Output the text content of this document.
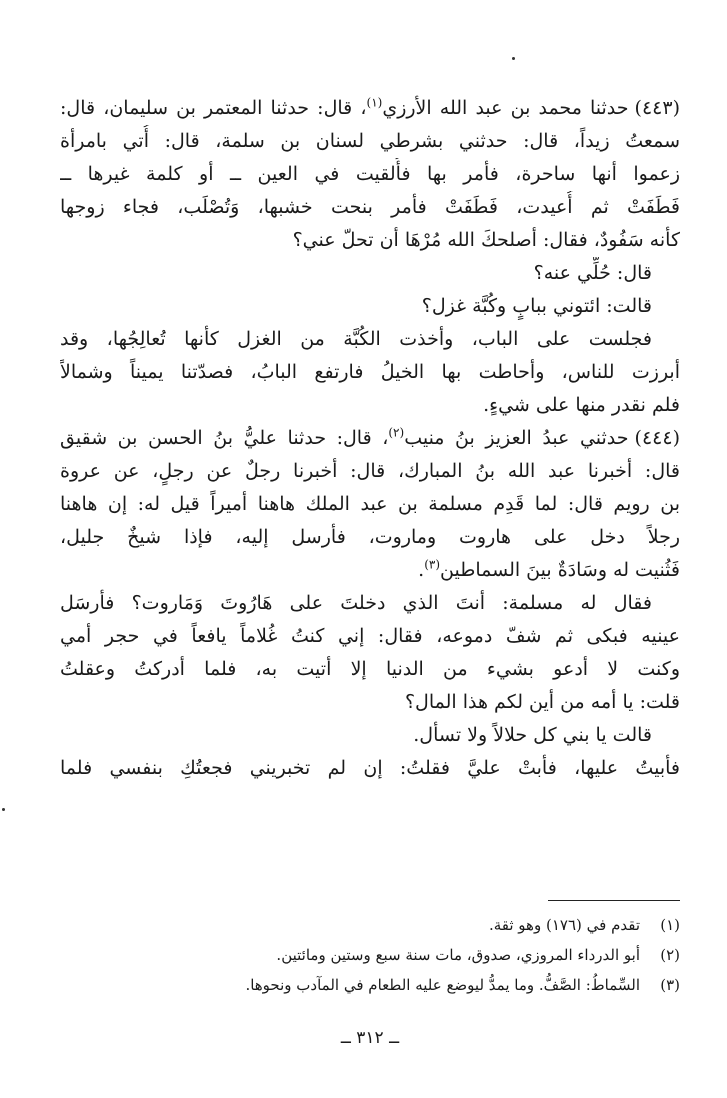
(٤٤٣)حدثنا محمد بن عبد الله الأرزي$^{(١)}$، قال: حدثنا المعتمر بن سليمان، قال:
سمعتُ زيداً، قال: حدثني بشرطي لسنان بن سلمة، قال: أُتي بامرأة
زعموا أنها ساحرة، فأمر بها فأُلقيت في العين ــ أو كلمة غيرها ــ
فَطَفَتْ ثم أُعيدت، فَطَفَتْ فأمر بنحت خشبها، وَتُصْلَب، فجاء زوجها
كأنه سَفُودٌ، فقال: أصلحكَ الله مُرْهَا أن تحلّ عني؟
قال: حُلِّي عنه؟
قالت: ائتوني ببابٍ وكُبَّة غزل؟
فجلست على الباب، وأخذت الكُبَّة من الغزل كأنها تُعالِجُها، وقد
أبرزت للناس، وأحاطت بها الخيلُ فارتفع البابُ، فصدّتنا يميناً وشمالاً
فلم نقدر منها على شيءٍ.
(٤٤٤)حدثني عبدُ العزيز بنُ منيب$^{(٢)}$، قال: حدثنا عليُّ بنُ الحسن بن شقيق
قال: أخبرنا عبد الله بنُ المبارك، قال: أخبرنا رجلٌ عن رجلٍ، عن عروة
بن رويم قال: لما قَدِم مسلمة بن عبد الملك هاهنا أميراً قيل له: إن هاهنا
رجلاً دخل على هاروت وماروت، فأرسل إليه، فإذا شيخٌ جليل،
فَثُنيت له وسَادَةٌ بينَ السماطين$^{(٣)}$.
فقال له مسلمة: أنتَ الذي دخلتَ على هَارُوتَ وَمَاروت؟ فأرسَل
عينيه فبكى ثم شفّ دموعه، فقال: إني كنتُ غُلاماً يافعاً في حجر أمي
وكنت لا أدعو بشيء من الدنيا إلا أتيت به، فلما أدركتُ وعقلتُ
قلت: يا أمه من أين لكم هذا المال؟
قالت يا بني كل حلالاً ولا تسأل.
فأبيتُ عليها، فأبتْ عليَّ فقلتُ: إن لم تخبريني فجعتُكِ بنفسي فلما
(١)تقدم في (١٧٦) وهو ثقة.
(٢)أبو الدرداء المروزي، صدوق، مات سنة سبع وستين ومائتين.
(٣)السِّماطُ: الصَّفُّ. وما يمدُّ ليوضع عليه الطعام في المآدب ونحوها.
ــ ٣١٢ ــ
